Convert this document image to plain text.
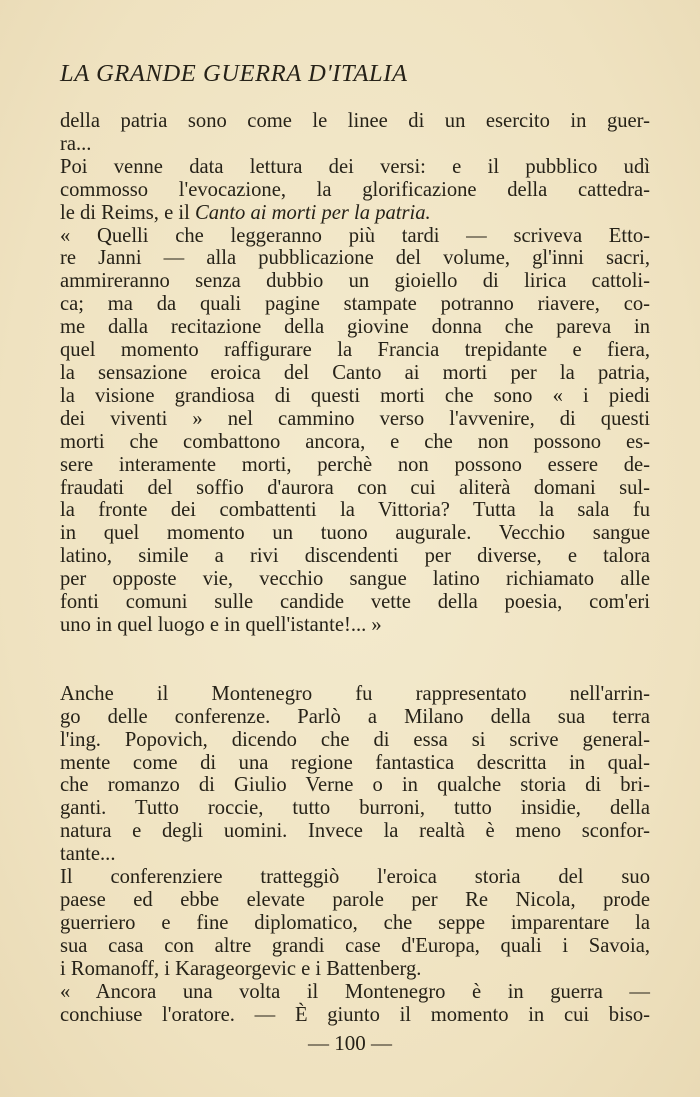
LA GRANDE GUERRA D'ITALIA

della patria sono come le linee di un esercito in guer-

ra...

Poi venne data lettura dei versi: e il pubblico udì

commosso l'evocazione, la glorificazione della cattedra-

le di Reims, e il Canto ai morti per la patria.

« Quelli che leggeranno più tardi — scriveva Etto-

re Janni — alla pubblicazione del volume, gl'inni sacri,

ammireranno senza dubbio un gioiello di lirica cattoli-

ca; ma da quali pagine stampate potranno riavere, co-

me dalla recitazione della giovine donna che pareva in

quel momento raffigurare la Francia trepidante e fiera,

la sensazione eroica del Canto ai morti per la patria,

la visione grandiosa di questi morti che sono « i piedi

dei viventi » nel cammino verso l'avvenire, di questi

morti che combattono ancora, e che non possono es-

sere interamente morti, perchè non possono essere de-

fraudati del soffio d'aurora con cui aliterà domani sul-

la fronte dei combattenti la Vittoria? Tutta la sala fu

in quel momento un tuono augurale. Vecchio sangue

latino, simile a rivi discendenti per diverse, e talora

per opposte vie, vecchio sangue latino richiamato alle

fonti comuni sulle candide vette della poesia, com'eri

uno in quel luogo e in quell'istante!... »

Anche il Montenegro fu rappresentato nell'arrin-

go delle conferenze. Parlò a Milano della sua terra

l'ing. Popovich, dicendo che di essa si scrive general-

mente come di una regione fantastica descritta in qual-

che romanzo di Giulio Verne o in qualche storia di bri-

ganti. Tutto roccie, tutto burroni, tutto insidie, della

natura e degli uomini. Invece la realtà è meno sconfor-

tante...

Il conferenziere tratteggiò l'eroica storia del suo

paese ed ebbe elevate parole per Re Nicola, prode

guerriero e fine diplomatico, che seppe imparentare la

sua casa con altre grandi case d'Europa, quali i Savoia,

i Romanoff, i Karageorgevic e i Battenberg.

« Ancora una volta il Montenegro è in guerra —

conchiuse l'oratore. — È giunto il momento in cui biso-

— 100 —
